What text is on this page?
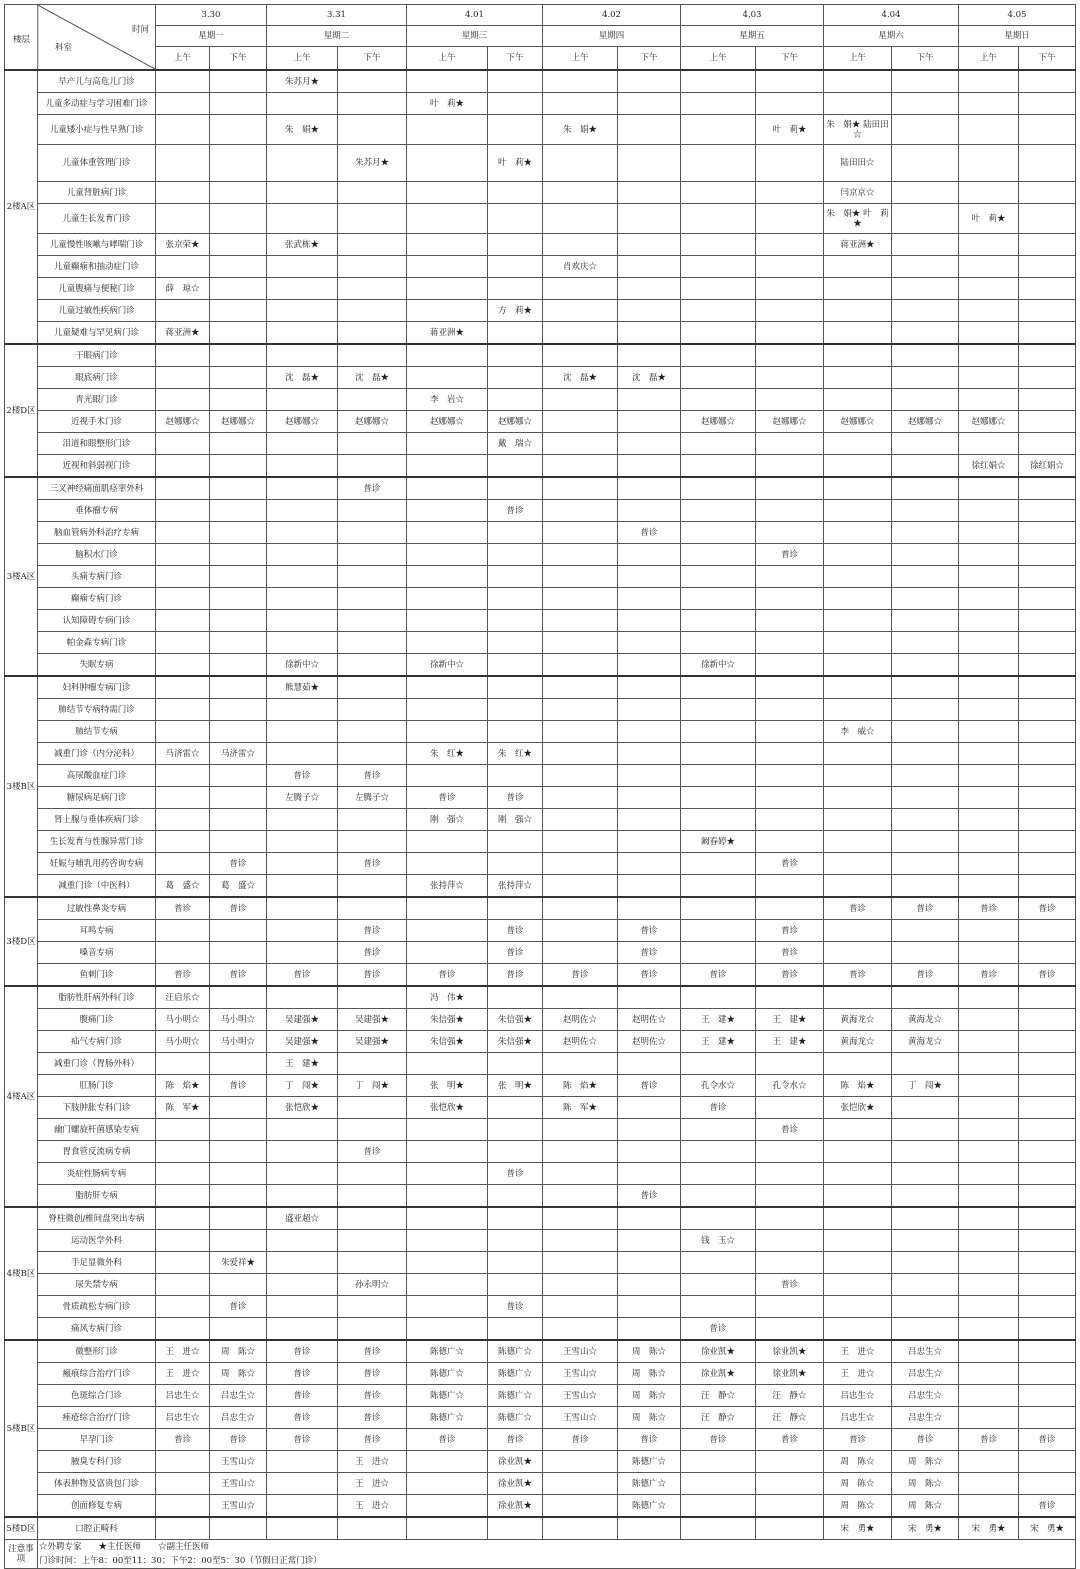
楼层
时间
科室		3.30		3.31		4.01		4.02		4.03		4.04		4.05	
		星期一		星期二		星期三		星期四		星期五		星期六		星期日	
		上午	下午	上午	下午	上午	下午	上午	下午	上午	下午	上午	下午	上午	下午
2楼A区	早产儿与高危儿门诊			朱苏月★											
	儿童多动症与学习困难门诊					叶　莉★									
	儿童矮小症与性早熟门诊			朱　娟★				朱　娟★			叶　莉★	朱　娟★ 陆田田☆			
	儿童体重管理门诊				朱苏月★		叶　莉★					陆田田☆			
	儿童肾脏病门诊											闫京京☆			
	儿童生长发育门诊											朱　娟★ 叶　莉★		叶　莉★	
	儿童慢性咳嗽与哮喘门诊	张京荣★		张武栋★								蒋亚洲★			
	儿童癫痫和抽动症门诊							肖欢庆☆							
	儿童腹痛与便秘门诊	薛　琼☆													
	儿童过敏性疾病门诊						方　莉★								
	儿童疑难与罕见病门诊	蒋亚洲★				蒋亚洲★									
2楼D区	干眼病门诊														
	眼底病门诊			沈　磊★	沈　磊★			沈　磊★	沈　磊★						
	青光眼门诊					李　岩☆									
	近视手术门诊	赵娜娜☆	赵娜娜☆	赵娜娜☆	赵娜娜☆	赵娜娜☆	赵娜娜☆			赵娜娜☆	赵娜娜☆	赵娜娜☆	赵娜娜☆	赵娜娜☆	
	泪道和眼整形门诊						戴　瑞☆								
	近视和斜弱视门诊													徐红娟☆	徐红娟☆
3楼A区	三叉神经痛面肌痉挛外科				普诊										
	垂体瘤专病						普诊								
	脑血管病外科治疗专病								普诊						
	脑积水门诊										普诊				
	头痛专病门诊														
	癫痫专病门诊														
	认知障碍专病门诊														
	帕金森专病门诊														
	失眠专病			徐新中☆		徐新中☆				徐新中☆					
3楼B区	妇科肿瘤专病门诊			熊慧茹★											
	肺结节专病特需门诊														
	肺结节专病											李　威☆			
	减重门诊（内分泌科）	马济雷☆	马济雷☆			朱　红★	朱　红★								
	高尿酸血症门诊			普诊	普诊										
	糖尿病足病门诊			左腾子☆	左腾子☆	普诊	普诊								
	肾上腺与垂体疾病门诊					刚　强☆	刚　强☆								
	生长发育与性腺异常门诊									阚春婷★					
	妊娠与哺乳用药咨询专病		普诊		普诊						普诊				
	减重门诊（中医科）	葛　盛☆	葛　盛☆			张持萍☆	张持萍☆								
3楼D区	过敏性鼻炎专病	普诊	普诊									普诊	普诊	普诊	普诊
	耳鸣专病				普诊		普诊		普诊		普诊				
	嗓音专病				普诊		普诊		普诊		普诊				
	鱼刺门诊	普诊	普诊	普诊	普诊	普诊	普诊	普诊	普诊	普诊	普诊	普诊	普诊	普诊	普诊
4楼A区	脂肪性肝病外科门诊	汪启乐☆				冯　伟★									
	腹痛门诊	马小明☆	马小明☆	吴建强★	吴建强★	朱信强★	朱信强★	赵明佐☆	赵明佐☆	王　建★	王　建★	黄海龙☆	黄海龙☆		
	疝气专病门诊	马小明☆	马小明☆	吴建强★	吴建强★	朱信强★	朱信强★	赵明佐☆	赵明佐☆	王　建★	王　建★	黄海龙☆	黄海龙☆		
	减重门诊（胃肠外科）			王　建★											
	肛肠门诊	陈　焰★	普诊	丁　闯★	丁　闯★	张　明★	张　明★	陈　焰★	普诊	孔令水☆	孔令水☆	陈　焰★	丁　闯★		
	下肢肿胀专科门诊	陈　军★		张恺欣★		张恺欣★		陈　军★		普诊		张恺欣★			
	幽门螺旋杆菌感染专病										普诊				
	胃食管反流病专病				普诊										
	炎症性肠病专病						普诊								
	脂肪肝专病								普诊						
4楼B区	脊柱微创/椎间盘突出专病			盛亚超☆											
	运动医学外科									钱　玉☆					
	手足显微外科		朱爱祥★												
	尿失禁专病				孙永明☆						普诊				
	骨质疏松专病门诊		普诊				普诊								
	痛风专病门诊									普诊					
5楼B区	微整形门诊	王　进☆	周　陈☆	普诊	普诊	陈德广☆	陈德广☆	王雪山☆	周　陈☆	徐业凯★	徐业凯★	王　进☆	吕忠生☆		
	瘢痕综合治疗门诊	王　进☆	周　陈☆	普诊	普诊	陈德广☆	陈德广☆	王雪山☆	周　陈☆	徐业凯★	徐业凯★	王　进☆	吕忠生☆		
	色斑综合门诊	吕忠生☆	吕忠生☆	普诊	普诊	陈德广☆	陈德广☆	王雪山☆	周　陈☆	汪　静☆	汪　静☆	吕忠生☆	吕忠生☆		
	痤疮综合治疗门诊	吕忠生☆	吕忠生☆	普诊	普诊	陈德广☆	陈德广☆	王雪山☆	周　陈☆	汪　静☆	汪　静☆	吕忠生☆	吕忠生☆		
	早孕门诊	普诊	普诊	普诊	普诊	普诊	普诊	普诊	普诊	普诊	普诊	普诊	普诊	普诊	普诊
	腋臭专科门诊		王雪山☆		王　进☆		徐业凯★		陈德广☆			周　陈☆	周　陈☆		
	体表肿物及富贵包门诊		王雪山☆		王　进☆		徐业凯★		陈德广☆			周　陈☆	周　陈☆		
	创面修复专病		王雪山☆		王　进☆		徐业凯★		陈德广☆			周　陈☆	周　陈☆		普诊
5楼D区	口腔正畸科											宋　勇★	宋　勇★	宋　勇★	宋　勇★
注意事项	☆外聘专家　　★主任医师　　☆副主任医师														
	门诊时间：上午8：00至11：30；下午2：00至5：30（节假日正常门诊）														
